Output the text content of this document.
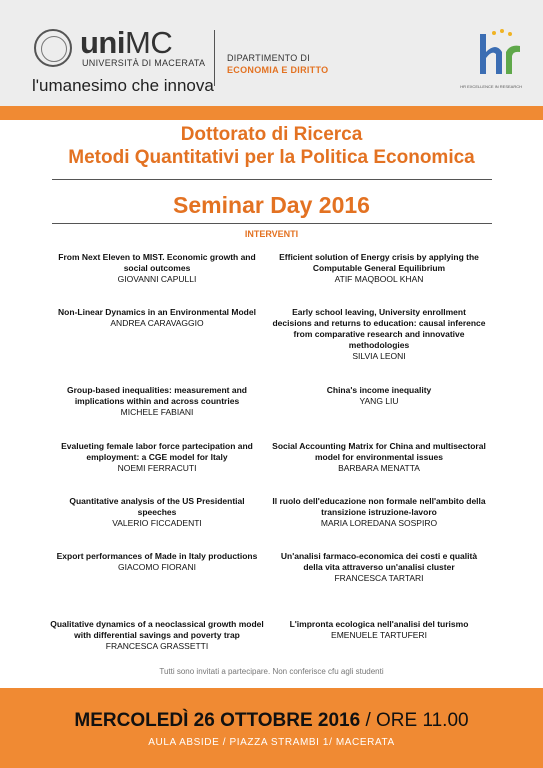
uniMC
UNIVERSITÀ DI MACERATA
l'umanesimo che innova
DIPARTIMENTO DI
ECONOMIA E DIRITTO
HR EXCELLENCE IN RESEARCH
Dottorato di Ricerca
Metodi Quantitativi per la Politica Economica
Seminar Day 2016
INTERVENTI
From Next Eleven to MIST. Economic growth and social outcomes
GIOVANNI CAPULLI
Non-Linear Dynamics in an Environmental Model
ANDREA CARAVAGGIO
Group-based inequalities: measurement and implications within and across countries
MICHELE FABIANI
Evalueting female labor force partecipation and employment: a CGE model for Italy
NOEMI FERRACUTI
Quantitative analysis of the US Presidential speeches
VALERIO FICCADENTI
Export performances of Made in Italy productions
GIACOMO FIORANI
Qualitative dynamics of a neoclassical growth model with differential savings and poverty trap
FRANCESCA GRASSETTI
Efficient solution of Energy crisis by applying the Computable General Equilibrium
ATIF MAQBOOL KHAN
Early school leaving, University enrollment decisions and returns to education: causal inference from comparative research and innovative methodologies
SILVIA LEONI
China's income inequality
YANG LIU
Social Accounting Matrix for China and multisectoral model for environmental issues
BARBARA MENATTA
Il ruolo dell'educazione non formale nell'ambito della transizione istruzione-lavoro
MARIA LOREDANA SOSPIRO
Un'analisi farmaco-economica dei costi e qualità della vita attraverso un'analisi cluster
FRANCESCA TARTARI
L'impronta ecologica nell'analisi del turismo
EMENUELE TARTUFERI
Tutti sono invitati a partecipare. Non conferisce cfu agli studenti
MERCOLEDÌ 26 OTTOBRE 2016 / ORE 11.00
AULA ABSIDE / PIAZZA STRAMBI 1/ MACERATA
